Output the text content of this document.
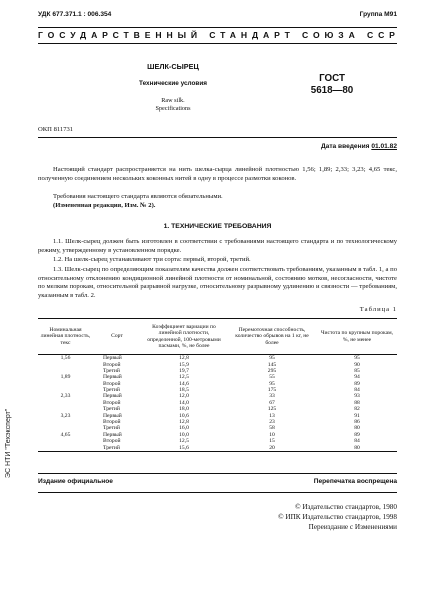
УДК 677.371.1 : 006.354	Группа М91
ГОСУДАРСТВЕННЫЙ СТАНДАРТ СОЮЗА ССР
ШЕЛК-СЫРЕЦ
Технические условия
Raw silk.
Specifications
ГОСТ
5618—80
ОКП 811731
Дата введения 01.01.82
Настоящий стандарт распространяется на нить шелка-сырца линейной плотностью 1,56; 1,89; 2,33; 3,23; 4,65 текс, полученную соединением нескольких коконных нитей в одну в процессе размотки коконов.
Требования настоящего стандарта являются обязательными.
(Измененная редакция, Изм. № 2).
1. ТЕХНИЧЕСКИЕ ТРЕБОВАНИЯ
1.1. Шелк-сырец должен быть изготовлен в соответствии с требованиями настоящего стандарта и по технологическому режиму, утвержденному в установленном порядке.
1.2. На шелк-сырец устанавливают три сорта: первый, второй, третий.
1.3. Шелк-сырец по определяющим показателям качества должен соответствовать требованиям, указанным в табл. 1, а по относительному отклонению кондиционной линейной плотности от номинальной, состоянию мотков, несогласности, чистоте по мелким порокам, относительной разрывной нагрузке, относительному разрывному удлинению и связности — требованиям, указанным в табл. 2.
Таблица 1
Номинальная линейная плотность, текс	Сорт	Коэффициент вариации по линейной плотности, определенной, 100-метровыми пасмами, %, не более	Перемоточная способность, количество обрывов на 1 кг, не более	Чистота по крупным порокам, %, не менее
1,56	Первый	12,8	95	95
	Второй	15,9	145	90
	Третий	19,7	295	85
1,89	Первый	12,5	55	94
	Второй	14,6	95	89
	Третий	18,5	175	84
2,33	Первый	12,0	33	93
	Второй	14,0	67	88
	Третий	18,0	125	82
3,23	Первый	10,6	13	91
	Второй	12,8	23	86
	Третий	16,0	58	80
4,65	Первый	10,0	10	89
	Второй	12,5	15	84
	Третий	15,6	20	80
Издание официальное	Перепечатка воспрещена
© Издательство стандартов, 1980
© ИПК Издательство стандартов, 1998
Переиздание с Изменениями
ЭС НТИ "Техэксперт"
